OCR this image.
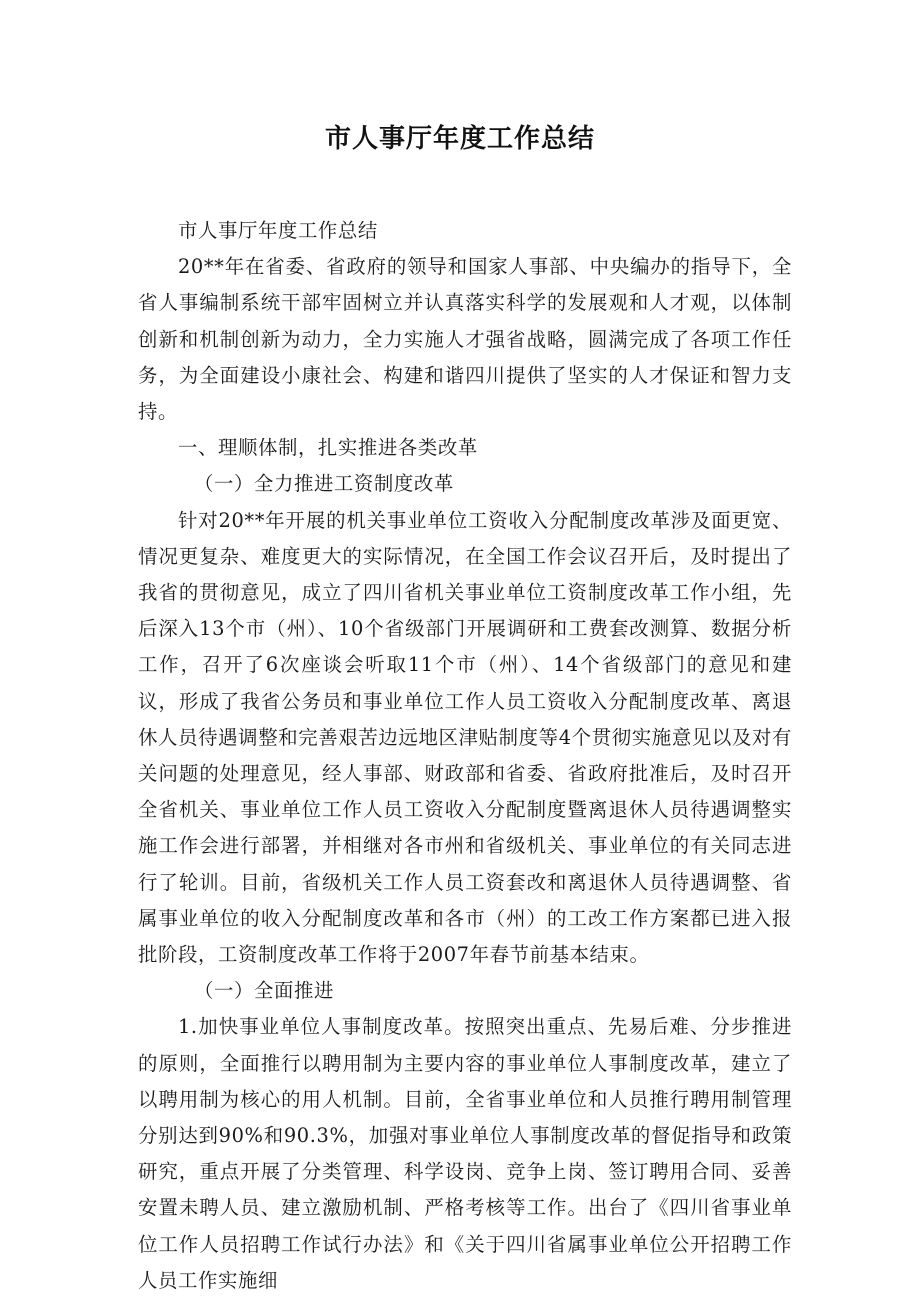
市人事厅年度工作总结

市人事厅年度工作总结

20**年在省委、省政府的领导和国家人事部、中央编办的指导下，全省人事编制系统干部牢固树立并认真落实科学的发展观和人才观，以体制创新和机制创新为动力，全力实施人才强省战略，圆满完成了各项工作任务，为全面建设小康社会、构建和谐四川提供了坚实的人才保证和智力支持。

一、理顺体制，扎实推进各类改革

（一）全力推进工资制度改革

针对20**年开展的机关事业单位工资收入分配制度改革涉及面更宽、情况更复杂、难度更大的实际情况，在全国工作会议召开后，及时提出了我省的贯彻意见，成立了四川省机关事业单位工资制度改革工作小组，先后深入13个市（州）、10个省级部门开展调研和工费套改测算、数据分析工作，召开了6次座谈会听取11个市（州）、14个省级部门的意见和建议，形成了我省公务员和事业单位工作人员工资收入分配制度改革、离退休人员待遇调整和完善艰苦边远地区津贴制度等4个贯彻实施意见以及对有关问题的处理意见，经人事部、财政部和省委、省政府批准后，及时召开全省机关、事业单位工作人员工资收入分配制度暨离退休人员待遇调整实施工作会进行部署，并相继对各市州和省级机关、事业单位的有关同志进行了轮训。目前，省级机关工作人员工资套改和离退休人员待遇调整、省属事业单位的收入分配制度改革和各市（州）的工改工作方案都已进入报批阶段，工资制度改革工作将于2007年春节前基本结束。

（一）全面推进

1.加快事业单位人事制度改革。按照突出重点、先易后难、分步推进的原则，全面推行以聘用制为主要内容的事业单位人事制度改革，建立了以聘用制为核心的用人机制。目前，全省事业单位和人员推行聘用制管理分别达到90%和90.3%，加强对事业单位人事制度改革的督促指导和政策研究，重点开展了分类管理、科学设岗、竞争上岗、签订聘用合同、妥善安置未聘人员、建立激励机制、严格考核等工作。出台了《四川省事业单位工作人员招聘工作试行办法》和《关于四川省属事业单位公开招聘工作人员工作实施细
